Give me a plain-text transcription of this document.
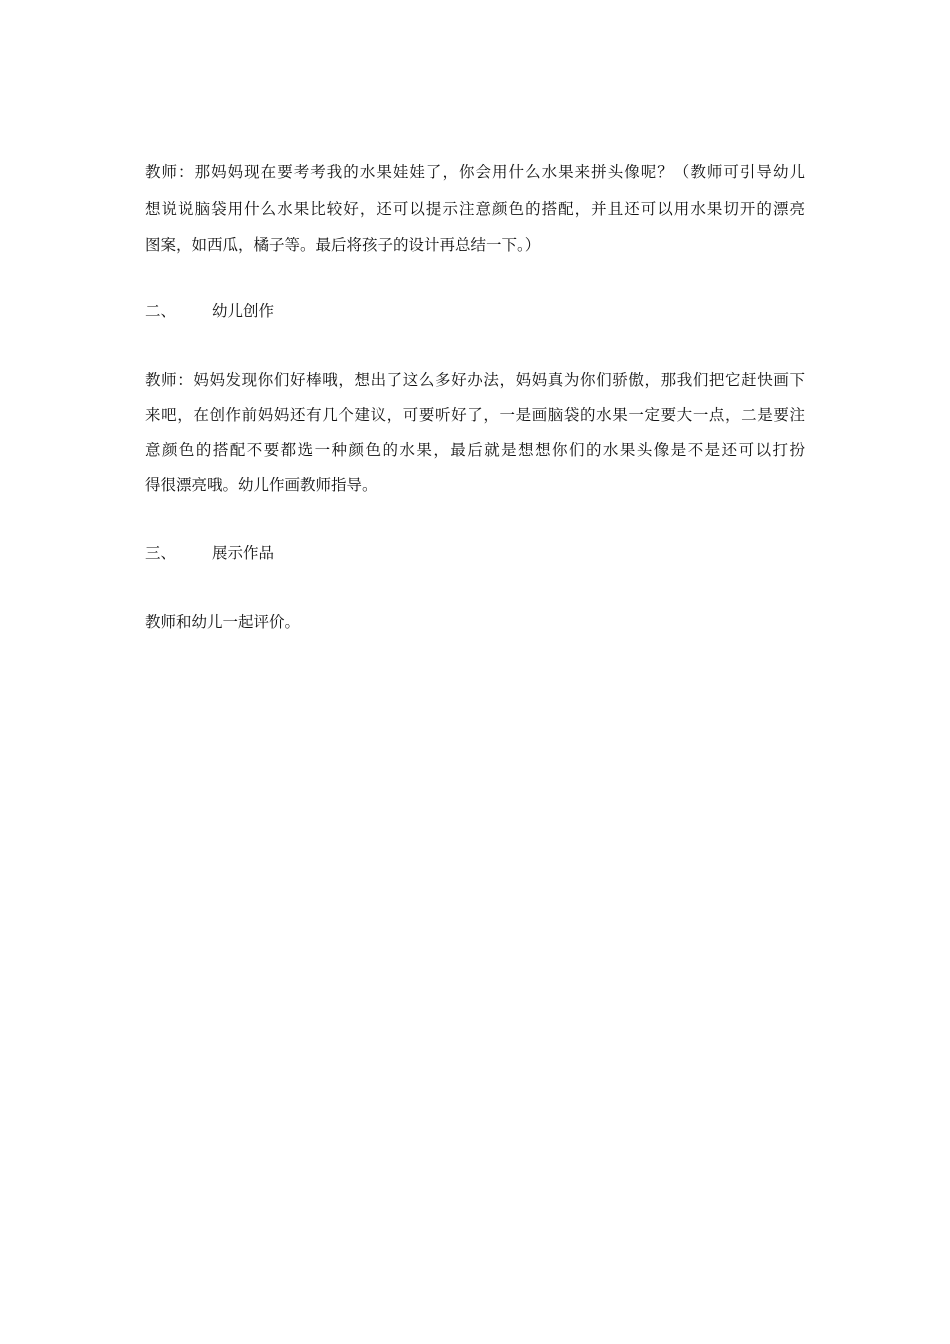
教师：那妈妈现在要考考我的水果娃娃了，你会用什么水果来拼头像呢？（教师可引导幼儿
想说说脑袋用什么水果比较好，还可以提示注意颜色的搭配，并且还可以用水果切开的漂亮
图案，如西瓜，橘子等。最后将孩子的设计再总结一下。）
二、 幼儿创作
教师：妈妈发现你们好棒哦，想出了这么多好办法，妈妈真为你们骄傲，那我们把它赶快画下
来吧，在创作前妈妈还有几个建议，可要听好了，一是画脑袋的水果一定要大一点，二是要注
意颜色的搭配不要都选一种颜色的水果，最后就是想想你们的水果头像是不是还可以打扮
得很漂亮哦。幼儿作画教师指导。
三、 展示作品
教师和幼儿一起评价。
